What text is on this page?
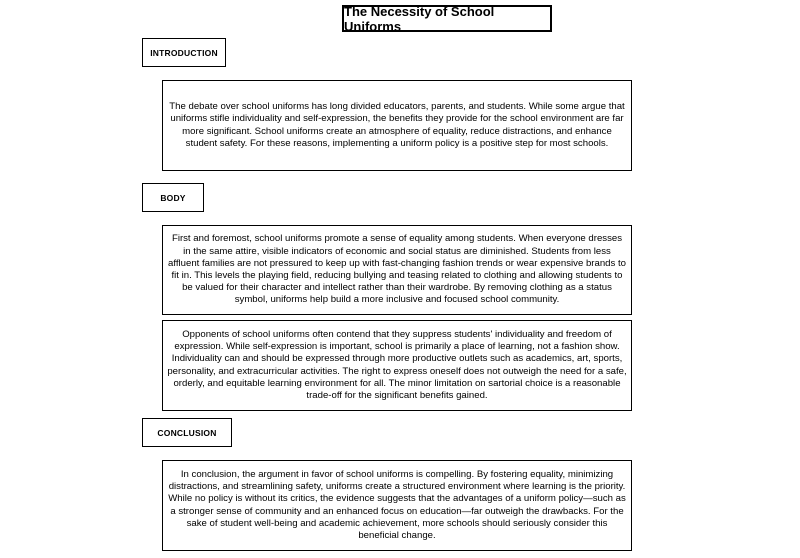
The Necessity of School Uniforms
INTRODUCTION
The debate over school uniforms has long divided educators, parents, and students. While some argue that uniforms stifle individuality and self-expression, the benefits they provide for the school environment are far more significant. School uniforms create an atmosphere of equality, reduce distractions, and enhance student safety. For these reasons, implementing a uniform policy is a positive step for most schools.
BODY
First and foremost, school uniforms promote a sense of equality among students. When everyone dresses in the same attire, visible indicators of economic and social status are diminished. Students from less affluent families are not pressured to keep up with fast-changing fashion trends or wear expensive brands to fit in. This levels the playing field, reducing bullying and teasing related to clothing and allowing students to be valued for their character and intellect rather than their wardrobe. By removing clothing as a status symbol, uniforms help build a more inclusive and focused school community.
Opponents of school uniforms often contend that they suppress students' individuality and freedom of expression. While self-expression is important, school is primarily a place of learning, not a fashion show. Individuality can and should be expressed through more productive outlets such as academics, art, sports, personality, and extracurricular activities. The right to express oneself does not outweigh the need for a safe, orderly, and equitable learning environment for all. The minor limitation on sartorial choice is a reasonable trade-off for the significant benefits gained.
CONCLUSION
In conclusion, the argument in favor of school uniforms is compelling. By fostering equality, minimizing distractions, and streamlining safety, uniforms create a structured environment where learning is the priority. While no policy is without its critics, the evidence suggests that the advantages of a uniform policy—such as a stronger sense of community and an enhanced focus on education—far outweigh the drawbacks. For the sake of student well-being and academic achievement, more schools should seriously consider this beneficial change.
